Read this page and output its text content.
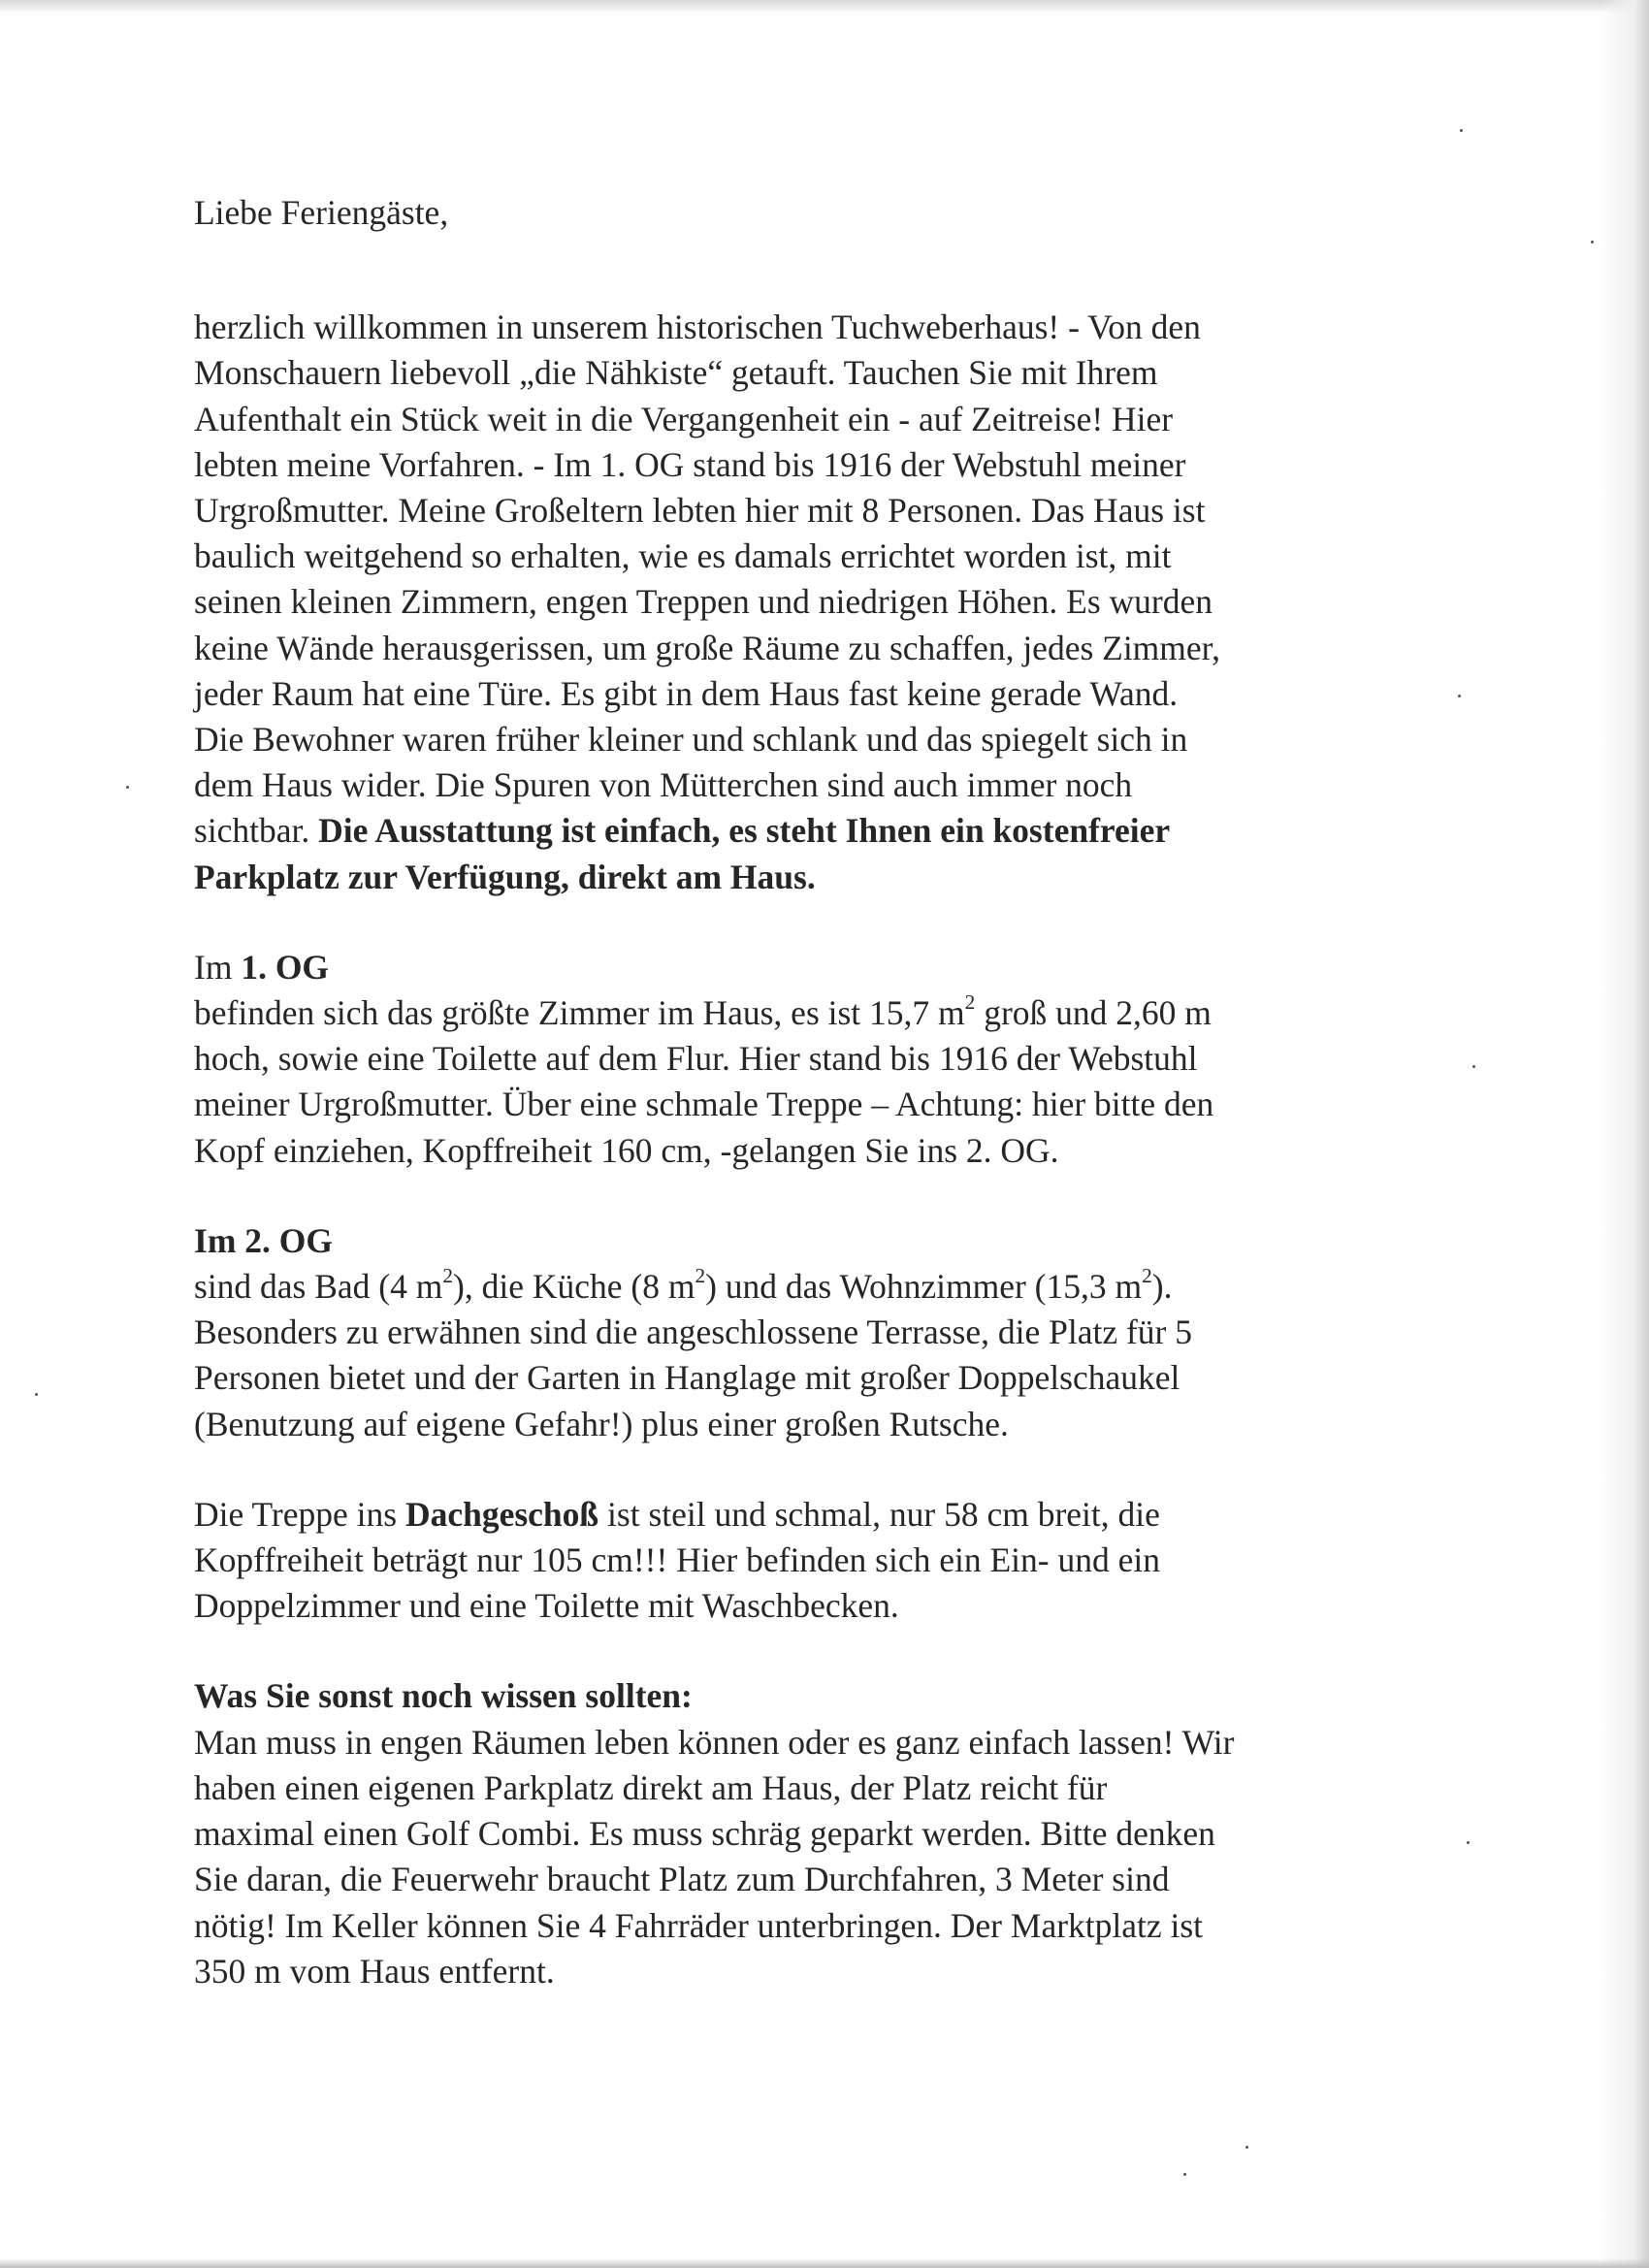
Liebe Feriengäste,
herzlich willkommen in unserem historischen Tuchweberhaus! - Von den
Monschauern liebevoll „die Nähkiste“ getauft. Tauchen Sie mit Ihrem
Aufenthalt ein Stück weit in die Vergangenheit ein - auf Zeitreise! Hier
lebten meine Vorfahren. - Im 1. OG stand bis 1916 der Webstuhl meiner
Urgroßmutter. Meine Großeltern lebten hier mit 8 Personen. Das Haus ist
baulich weitgehend so erhalten, wie es damals errichtet worden ist, mit
seinen kleinen Zimmern, engen Treppen und niedrigen Höhen. Es wurden
keine Wände herausgerissen, um große Räume zu schaffen, jedes Zimmer,
jeder Raum hat eine Türe. Es gibt in dem Haus fast keine gerade Wand.
Die Bewohner waren früher kleiner und schlank und das spiegelt sich in
dem Haus wider. Die Spuren von Mütterchen sind auch immer noch
sichtbar. Die Ausstattung ist einfach, es steht Ihnen ein kostenfreier
Parkplatz zur Verfügung, direkt am Haus.
Im 1. OG
befinden sich das größte Zimmer im Haus, es ist 15,7 $m^2$ groß und 2,60 m
hoch, sowie eine Toilette auf dem Flur. Hier stand bis 1916 der Webstuhl
meiner Urgroßmutter. Über eine schmale Treppe – Achtung: hier bitte den
Kopf einziehen, Kopffreiheit 160 cm, -gelangen Sie ins 2. OG.
Im 2. OG
sind das Bad (4 $m^2$), die Küche (8 $m^2$) und das Wohnzimmer (15,3 $m^2$).
Besonders zu erwähnen sind die angeschlossene Terrasse, die Platz für 5
Personen bietet und der Garten in Hanglage mit großer Doppelschaukel
(Benutzung auf eigene Gefahr!) plus einer großen Rutsche.
Die Treppe ins Dachgeschoß ist steil und schmal, nur 58 cm breit, die
Kopffreiheit beträgt nur 105 cm!!! Hier befinden sich ein Ein- und ein
Doppelzimmer und eine Toilette mit Waschbecken.
Was Sie sonst noch wissen sollten:
Man muss in engen Räumen leben können oder es ganz einfach lassen! Wir
haben einen eigenen Parkplatz direkt am Haus, der Platz reicht für
maximal einen Golf Combi. Es muss schräg geparkt werden. Bitte denken
Sie daran, die Feuerwehr braucht Platz zum Durchfahren, 3 Meter sind
nötig! Im Keller können Sie 4 Fahrräder unterbringen. Der Marktplatz ist
350 m vom Haus entfernt.
